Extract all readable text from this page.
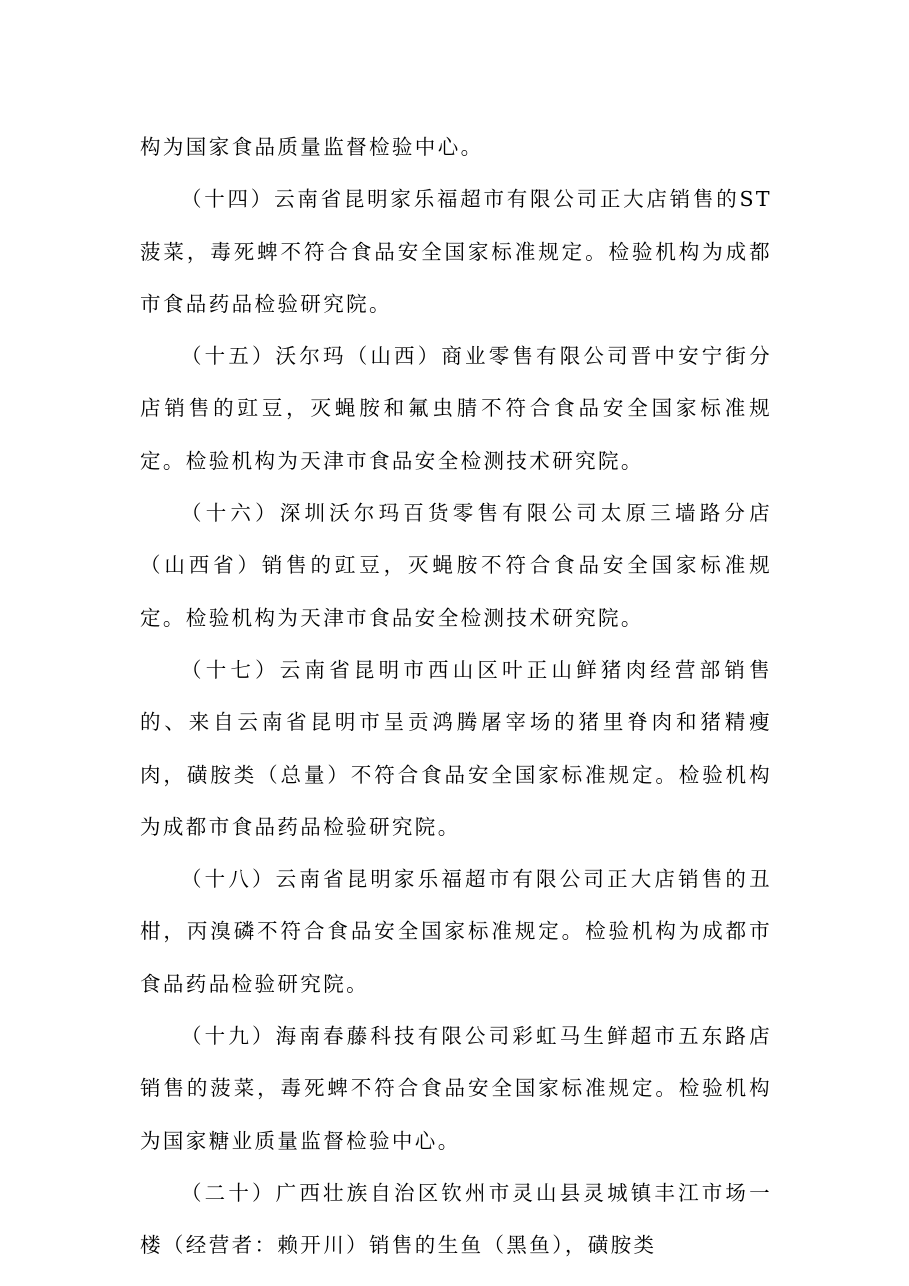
构为国家食品质量监督检验中心。

（十四）云南省昆明家乐福超市有限公司正大店销售的ST菠菜，毒死蜱不符合食品安全国家标准规定。检验机构为成都市食品药品检验研究院。

（十五）沃尔玛（山西）商业零售有限公司晋中安宁街分店销售的豇豆，灭蝇胺和氟虫腈不符合食品安全国家标准规定。检验机构为天津市食品安全检测技术研究院。

（十六）深圳沃尔玛百货零售有限公司太原三墙路分店（山西省）销售的豇豆，灭蝇胺不符合食品安全国家标准规定。检验机构为天津市食品安全检测技术研究院。

（十七）云南省昆明市西山区叶正山鲜猪肉经营部销售的、来自云南省昆明市呈贡鸿腾屠宰场的猪里脊肉和猪精瘦肉，磺胺类（总量）不符合食品安全国家标准规定。检验机构为成都市食品药品检验研究院。

（十八）云南省昆明家乐福超市有限公司正大店销售的丑柑，丙溴磷不符合食品安全国家标准规定。检验机构为成都市食品药品检验研究院。

（十九）海南春藤科技有限公司彩虹马生鲜超市五东路店销售的菠菜，毒死蜱不符合食品安全国家标准规定。检验机构为国家糖业质量监督检验中心。

（二十）广西壮族自治区钦州市灵山县灵城镇丰江市场一楼（经营者：赖开川）销售的生鱼（黑鱼），磺胺类
